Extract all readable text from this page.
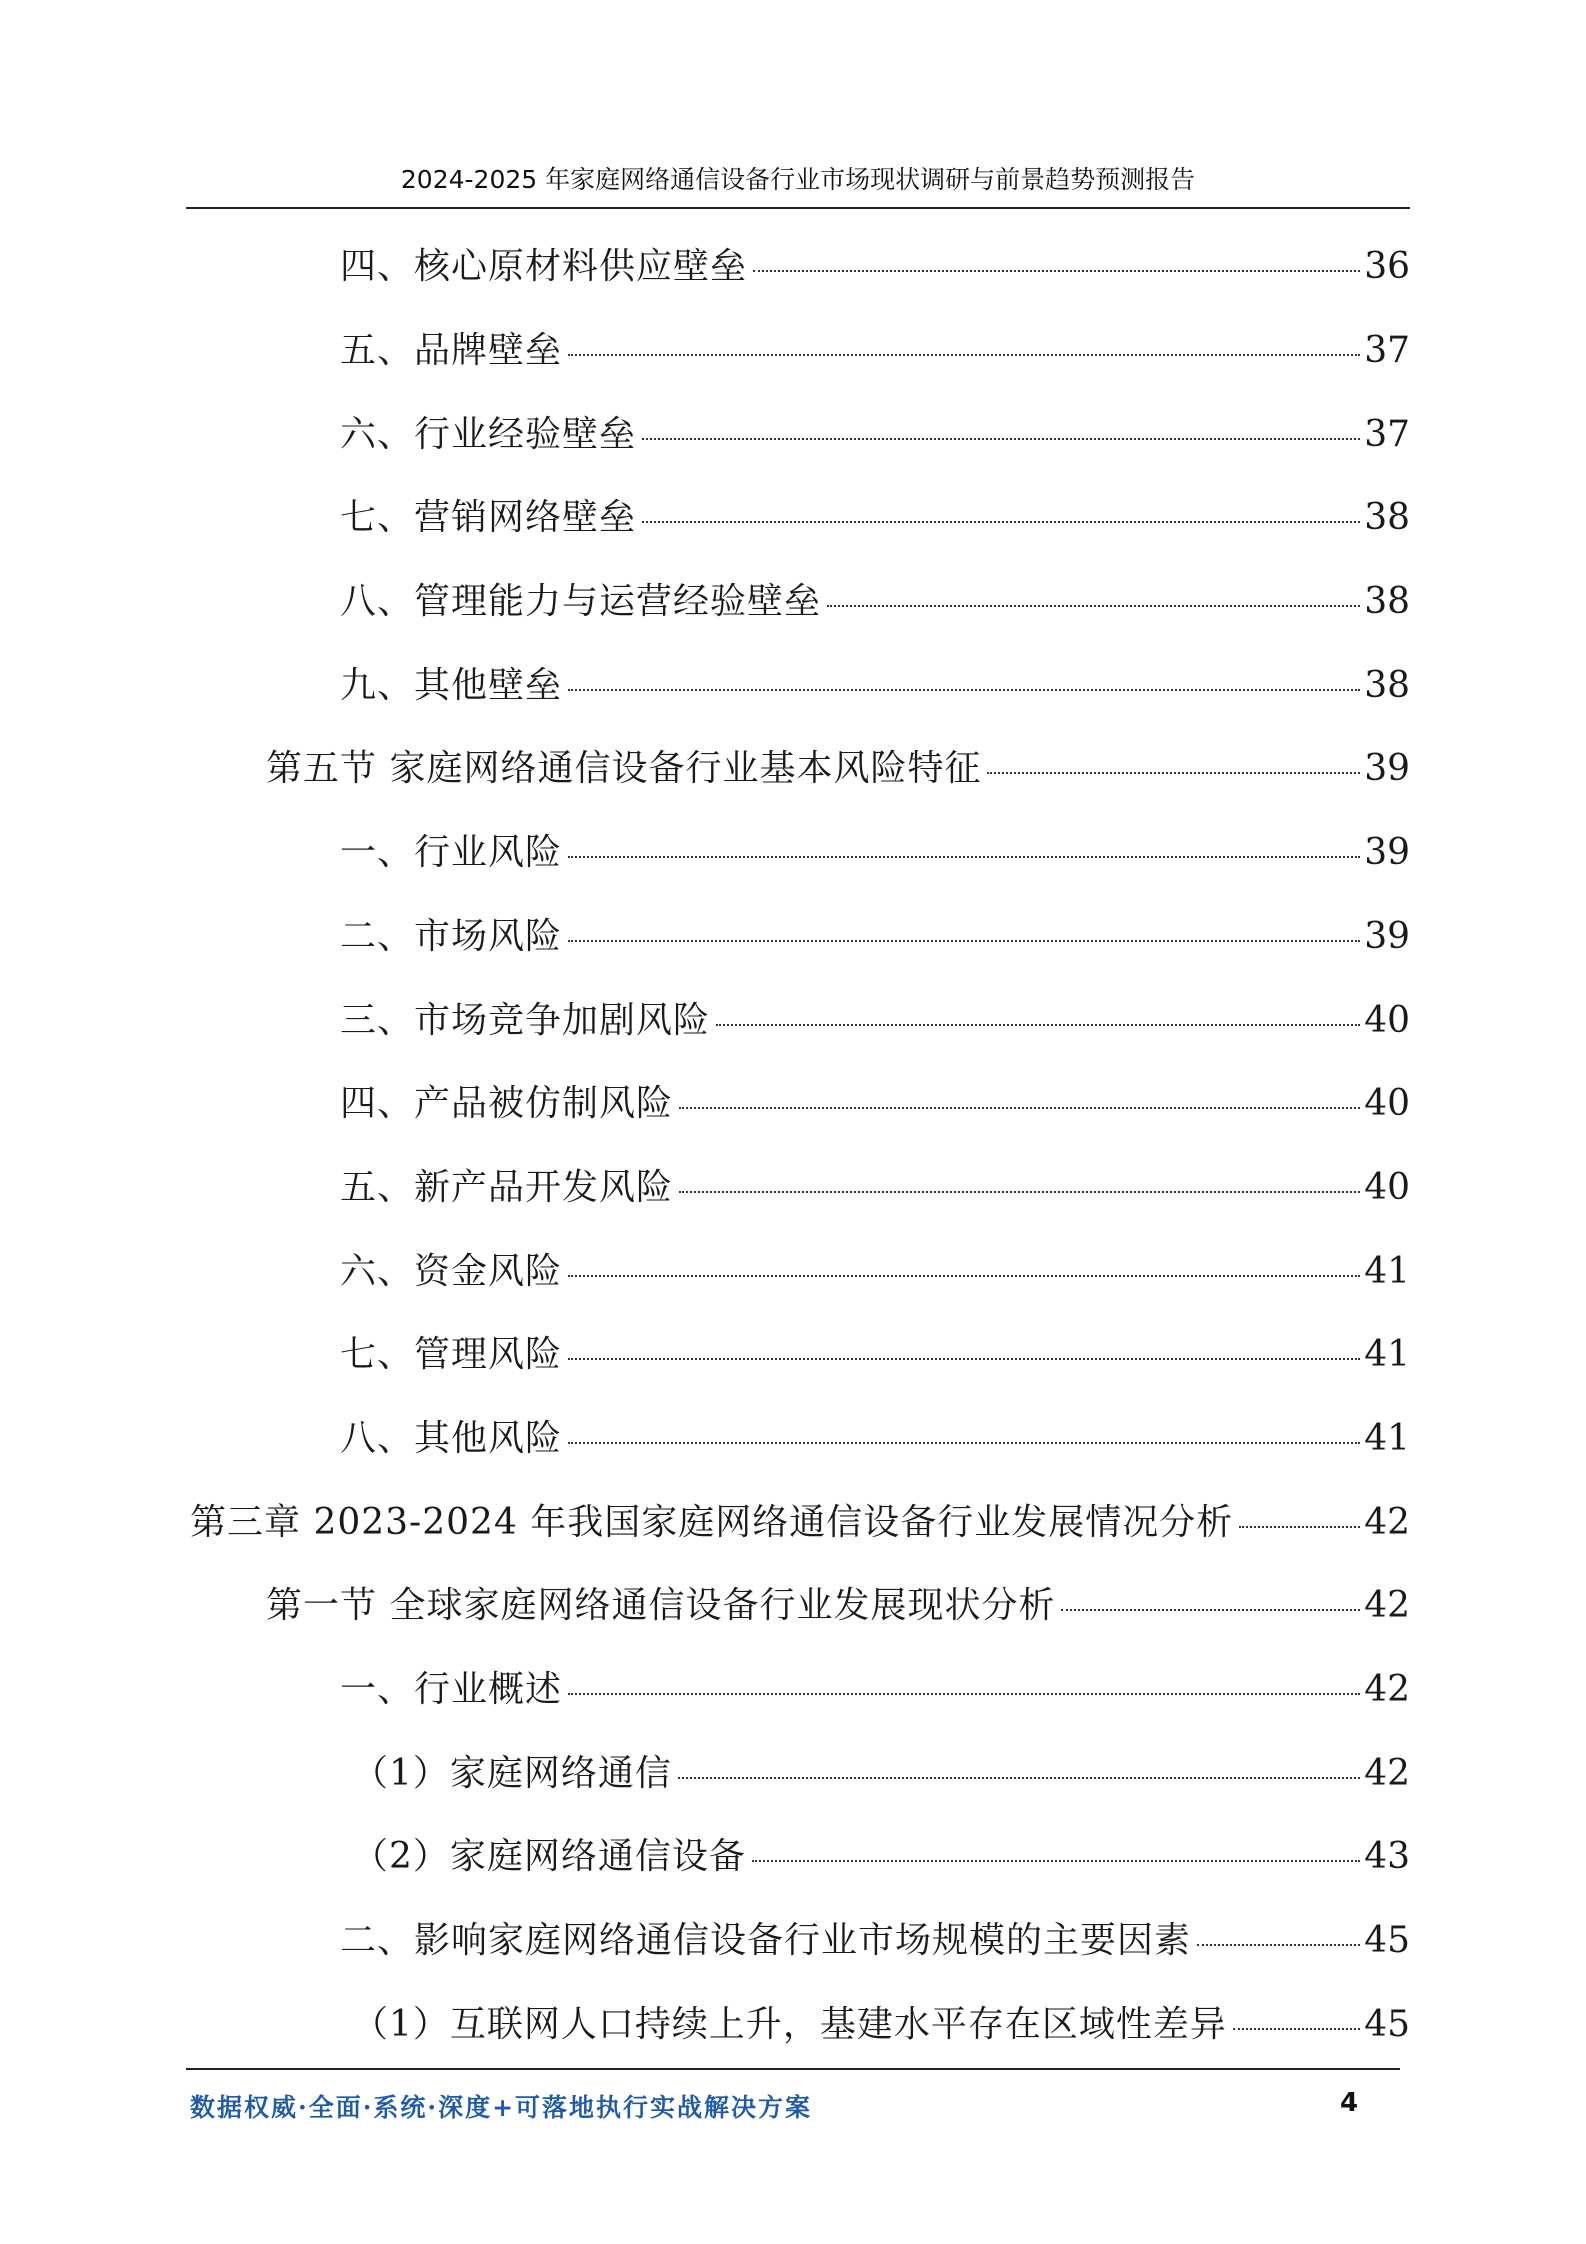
2024-2025 年家庭网络通信设备行业市场现状调研与前景趋势预测报告
四、核心原材料供应壁垒	36
五、品牌壁垒	37
六、行业经验壁垒	37
七、营销网络壁垒	38
八、管理能力与运营经验壁垒	38
九、其他壁垒	38
第五节 家庭网络通信设备行业基本风险特征	39
一、行业风险	39
二、市场风险	39
三、市场竞争加剧风险	40
四、产品被仿制风险	40
五、新产品开发风险	40
六、资金风险	41
七、管理风险	41
八、其他风险	41
第三章 2023-2024 年我国家庭网络通信设备行业发展情况分析	42
第一节 全球家庭网络通信设备行业发展现状分析	42
一、行业概述	42
（1）家庭网络通信	42
（2）家庭网络通信设备	43
二、影响家庭网络通信设备行业市场规模的主要因素	45
（1）互联网人口持续上升，基建水平存在区域性差异	45
数据权威·全面·系统·深度+可落地执行实战解决方案	4
